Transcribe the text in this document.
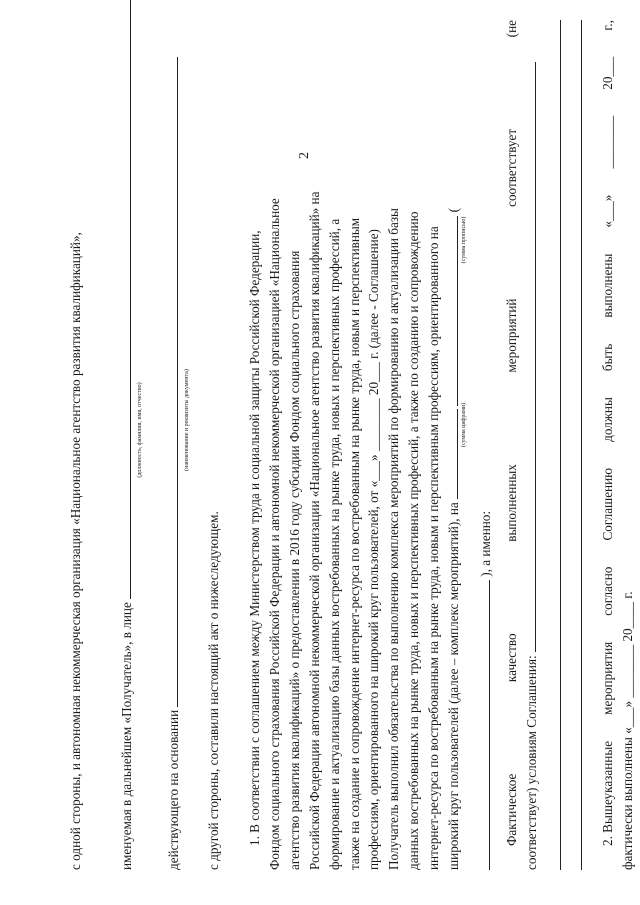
2
с одной стороны, и автономная некоммерческая организация «Национальное агентство развития квалификаций»,	именуемая в дальнейшем «Получатель», в лице
(должность, фамилия, имя, отчество)
действующего на основании
(наименование и реквизиты документа)
с другой стороны, составили настоящий акт о нижеследующем. 1. В соответствии с соглашением между Министерством труда и социальной защиты Российской Федерации, Фондом социального страхования Российской Федерации и автономной некоммерческой организацией «Национальное агентство развития квалификаций» о предоставлении в 2016 году субсидии Фондом социального страхования Российской Федерации автономной некоммерческой организации «Национальное агентство развития квалификаций» на формирование и актуализацию базы данных востребованных на рынке труда, новых и перспективных профессий, а также на создание и сопровождение интернет-ресурса по востребованным на рынке труда, новым и перспективным профессиям, ориентированного на широкий круг пользователей, от «___» ________ 20___ г. (далее - Соглашение) Получатель выполнил обязательства по выполнению комплекса мероприятий по формированию и актуализации базы данных востребованных на рынке труда, новых и перспективных профессий, а также по созданию и сопровождению интернет-ресурса по востребованным на рынке труда, новым и перспективным профессиям, ориентированного на широкий круг пользователей (далее – комплекс мероприятий), на   (
(сумма цифрами)
(сумма прописью)
), а именно:
Фактическое
качество
выполненных
мероприятий
соответствует
(не
соответствует) условиям Соглашения:	2. Вышеуказанные
мероприятия
согласно
Соглашению
должны
быть
выполнены
«___»
________
20___
г.,
фактически выполнены «___» ________ 20____ г.
